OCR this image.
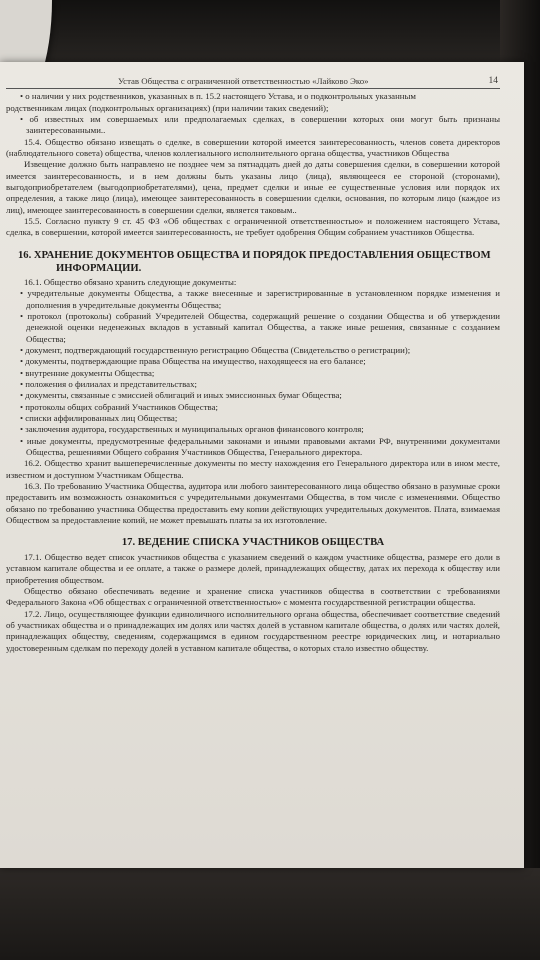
Устав Общества с ограниченной ответственностью «Лайково Эко»	14

• о наличии у них родственников, указанных в п. 15.2 настоящего Устава, и о подконтрольных указанным

родственникам лицах (подконтрольных организациях) (при наличии таких сведений);

• об известных им совершаемых или предполагаемых сделках, в совершении которых они могут быть признаны заинтересованными..

15.4. Общество обязано извещать о сделке, в совершении которой имеется заинтересованность, членов совета директоров (наблюдательного совета) общества, членов коллегиального исполнительного органа общества, участников Общества

Извещение должно быть направлено не позднее чем за пятнадцать дней до даты совершения сделки, в совершении которой имеется заинтересованность, и в нем должны быть указаны лицо (лица), являющееся ее стороной (сторонами), выгодоприобретателем (выгодоприобретателями), цена, предмет сделки и иные ее существенные условия или порядок их определения, а также лицо (лица), имеющее заинтересованность в совершении сделки, основания, по которым лицо (каждое из лиц), имеющее заинтересованность в совершении сделки, является таковым..

15.5. Согласно пункту 9 ст. 45 ФЗ «Об обществах с ограниченной ответственностью» и положением настоящего Устава, сделка, в совершении, которой имеется заинтересованность, не требует одобрения Общим собранием участников Общества.

16. ХРАНЕНИЕ ДОКУМЕНТОВ ОБЩЕСТВА И ПОРЯДОК ПРЕДОСТАВЛЕНИЯ ОБЩЕСТВОМ

ИНФОРМАЦИИ.

16.1. Общество обязано хранить следующие документы:

• учредительные документы Общества, а также внесенные и зарегистрированные в установленном порядке изменения и дополнения в учредительные документы Общества;

• протокол (протоколы) собраний Учредителей Общества, содержащий решение о создании Общества и об утверждении денежной оценки неденежных вкладов в уставный капитал Общества, а также иные решения, связанные с созданием Общества;

• документ, подтверждающий государственную регистрацию Общества (Свидетельство о регистрации);

• документы, подтверждающие права Общества на имущество, находящееся на его балансе;

• внутренние документы Общества;

• положения о филиалах и представительствах;

• документы, связанные с эмиссией облигаций и иных эмиссионных бумаг Общества;

• протоколы общих собраний Участников Общества;

• списки аффилированных лиц Общества;

• заключения аудитора, государственных и муниципальных органов финансового контроля;

• иные документы, предусмотренные федеральными законами и иными правовыми актами РФ, внутренними документами Общества, решениями Общего собрания Участников Общества, Генерального директора.

16.2. Общество хранит вышеперечисленные документы по месту нахождения его Генерального директора или в ином месте, известном и доступном Участникам Общества.

16.3. По требованию Участника Общества, аудитора или любого заинтересованного лица общество обязано в разумные сроки предоставить им возможность ознакомиться с учредительными документами Общества, в том числе с изменениями. Общество обязано по требованию участника Общества предоставить ему копии действующих учредительных документов. Плата, взимаемая Обществом за предоставление копий, не может превышать платы за их изготовление.

17. ВЕДЕНИЕ СПИСКА УЧАСТНИКОВ ОБЩЕСТВА

17.1. Общество ведет список участников общества с указанием сведений о каждом участнике общества, размере его доли в уставном капитале общества и ее оплате, а также о размере долей, принадлежащих обществу, датах их перехода к обществу или приобретения обществом.

Общество обязано обеспечивать ведение и хранение списка участников общества в соответствии с требованиями Федерального Закона «Об обществах с ограниченной ответственностью» с момента государственной регистрации общества.

17.2. Лицо, осуществляющее функции единоличного исполнительного органа общества, обеспечивает соответствие сведений об участниках общества и о принадлежащих им долях или частях долей в уставном капитале общества, о долях или частях долей, принадлежащих обществу, сведениям, содержащимся в едином государственном реестре юридических лиц, и нотариально удостоверенным сделкам по переходу долей в уставном капитале общества, о которых стало известно обществу.
